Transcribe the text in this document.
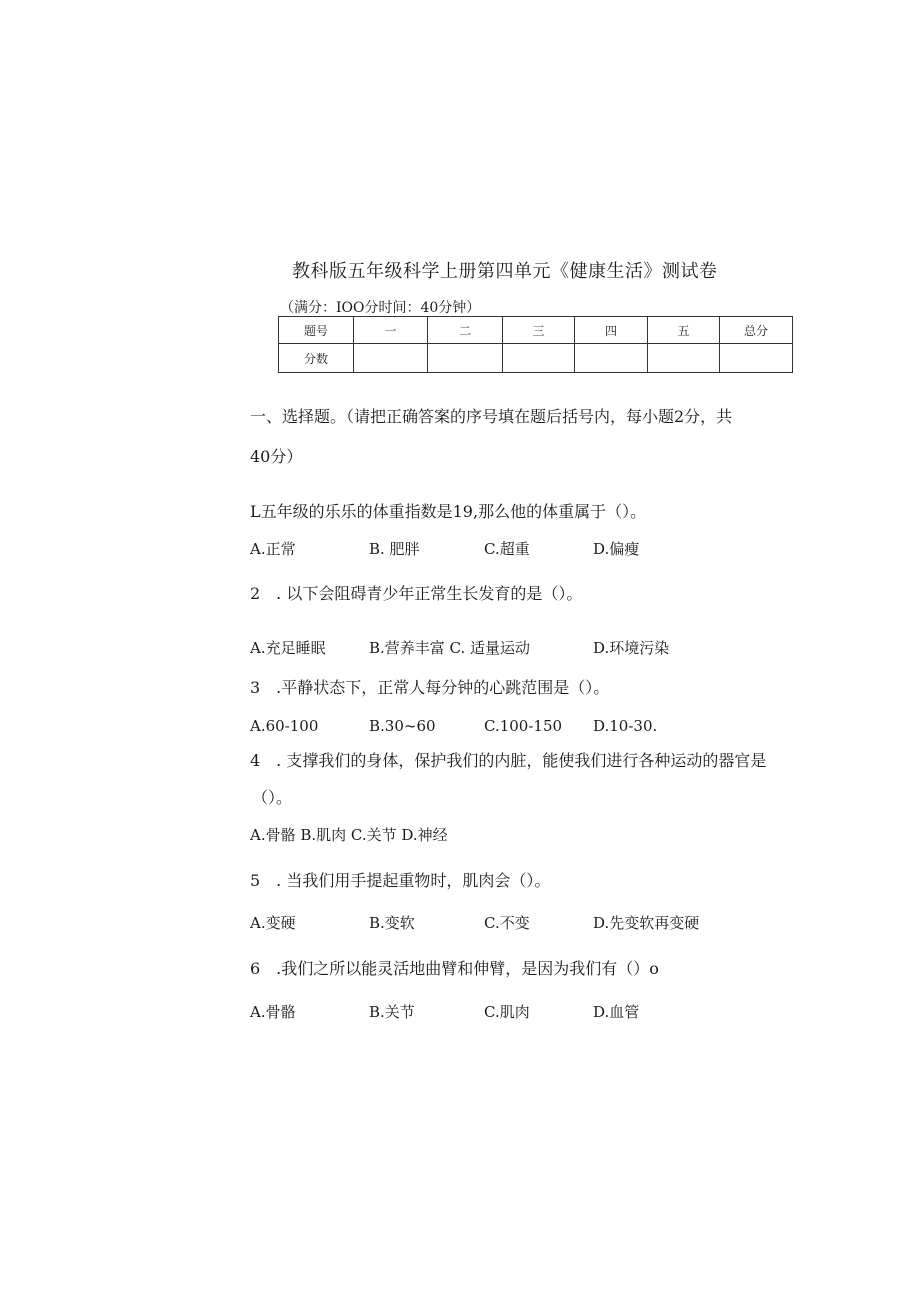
教科版五年级科学上册第四单元《健康生活》测试卷
（满分：IOO分时间：40分钟）
题号	一	二	三	四	五	总分
分数						
一、选择题。（请把正确答案的序号填在题后括号内，每小题2分，共
40分）
L五年级的乐乐的体重指数是19,那么他的体重属于（）。
A.正常	B. 肥胖	C.超重	D.偏瘦
2　. 以下会阻碍青少年正常生长发育的是（）。
A.充足睡眠	B.营养丰富 C. 适量运动	D.环境污染
3　.平静状态下，正常人每分钟的心跳范围是（）。
A.60-100	B.30~60	C.100-150 D.10-30.
4　. 支撑我们的身体，保护我们的内脏，能使我们进行各种运动的器官是
（）。
A.骨骼 B.肌肉 C.关节 D.神经
5　. 当我们用手提起重物时，肌肉会（）。
A.变硬	B.变软	C.不变	D.先变软再变硬
6　.我们之所以能灵活地曲臂和伸臂，是因为我们有（）o
A.骨骼	B.关节	C.肌肉	D.血管
